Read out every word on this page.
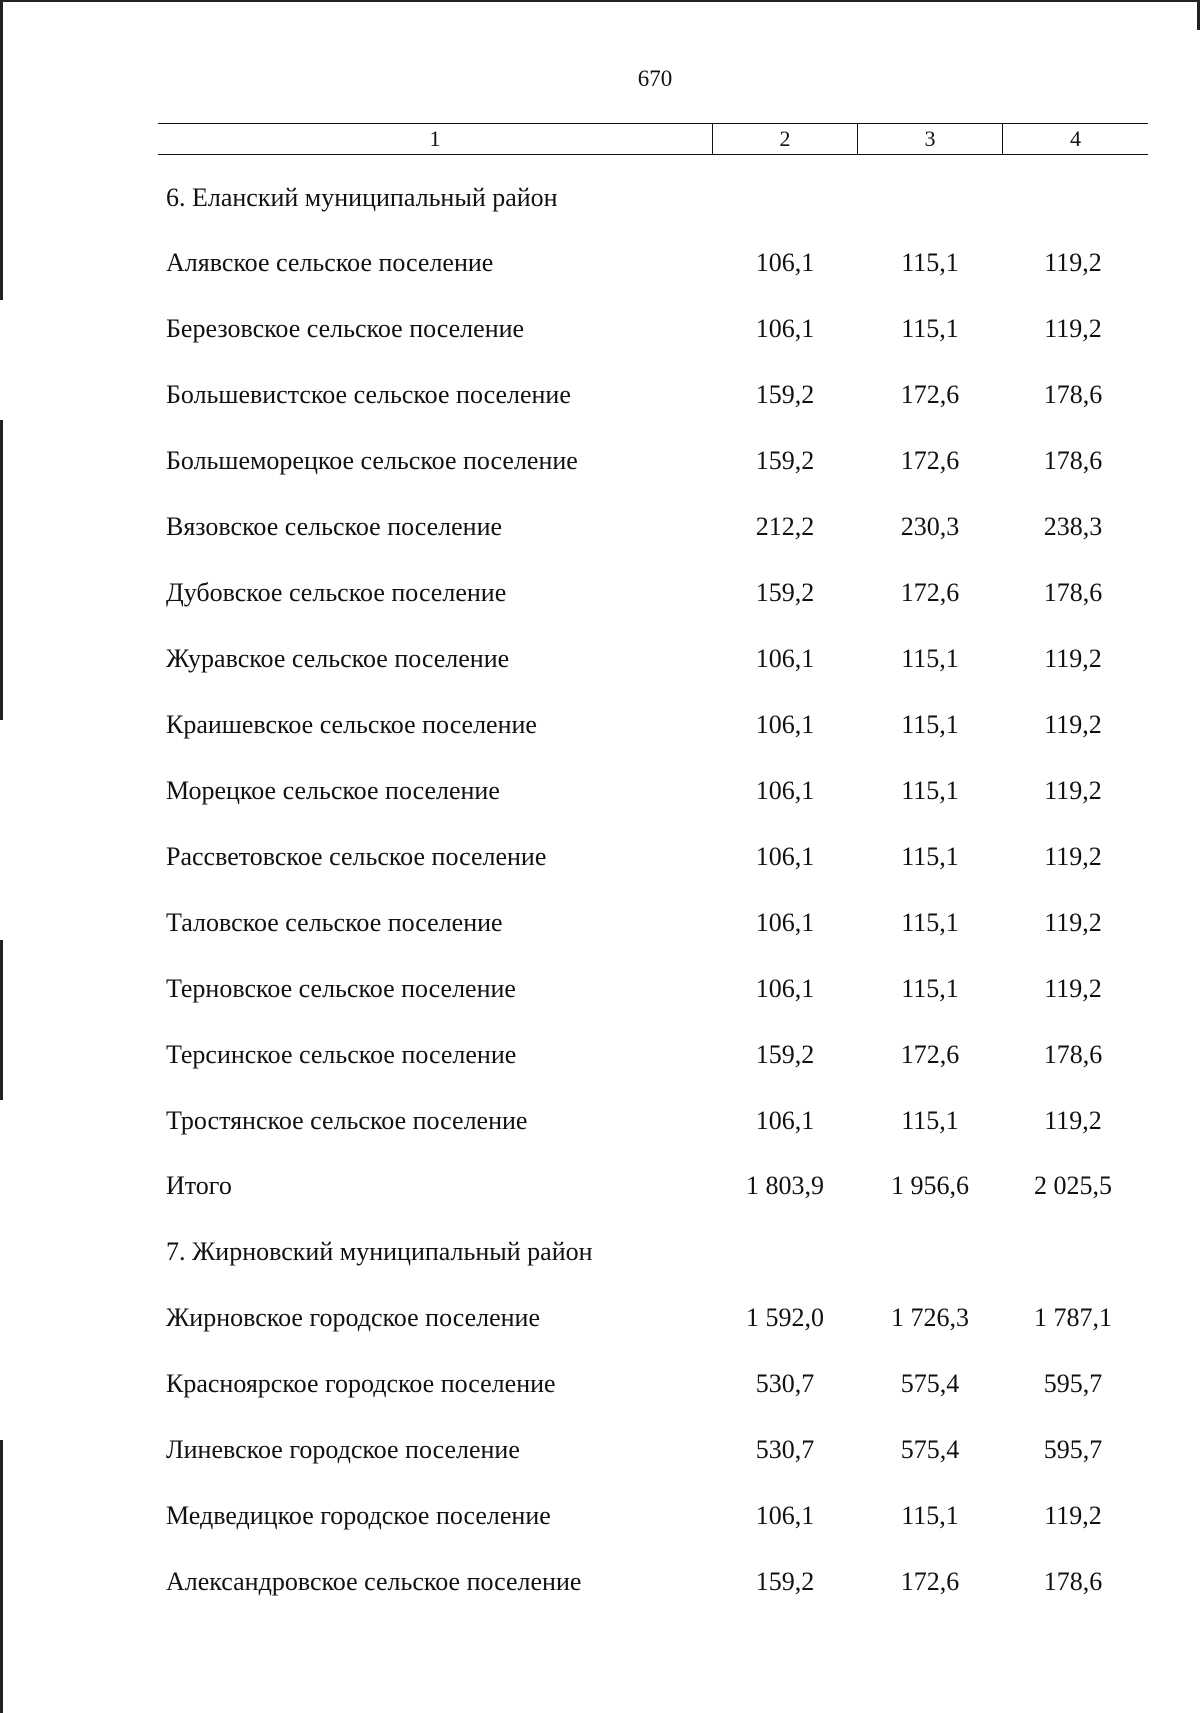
670
1	2	3	4
6. Еланский муниципальный район
Алявское сельское поселение	106,1	115,1	119,2
Березовское сельское поселение	106,1	115,1	119,2
Большевистское сельское поселение	159,2	172,6	178,6
Большеморецкое сельское поселение	159,2	172,6	178,6
Вязовское сельское поселение	212,2	230,3	238,3
Дубовское сельское поселение	159,2	172,6	178,6
Журавское сельское поселение	106,1	115,1	119,2
Краишевское сельское поселение	106,1	115,1	119,2
Морецкое сельское поселение	106,1	115,1	119,2
Рассветовское сельское поселение	106,1	115,1	119,2
Таловское сельское поселение	106,1	115,1	119,2
Терновское сельское поселение	106,1	115,1	119,2
Терсинское сельское поселение	159,2	172,6	178,6
Тростянское сельское поселение	106,1	115,1	119,2
Итого	1 803,9	1 956,6	2 025,5
7. Жирновский муниципальный район
Жирновское городское поселение	1 592,0	1 726,3	1 787,1
Красноярское городское поселение	530,7	575,4	595,7
Линевское городское поселение	530,7	575,4	595,7
Медведицкое городское поселение	106,1	115,1	119,2
Александровское сельское поселение	159,2	172,6	178,6
